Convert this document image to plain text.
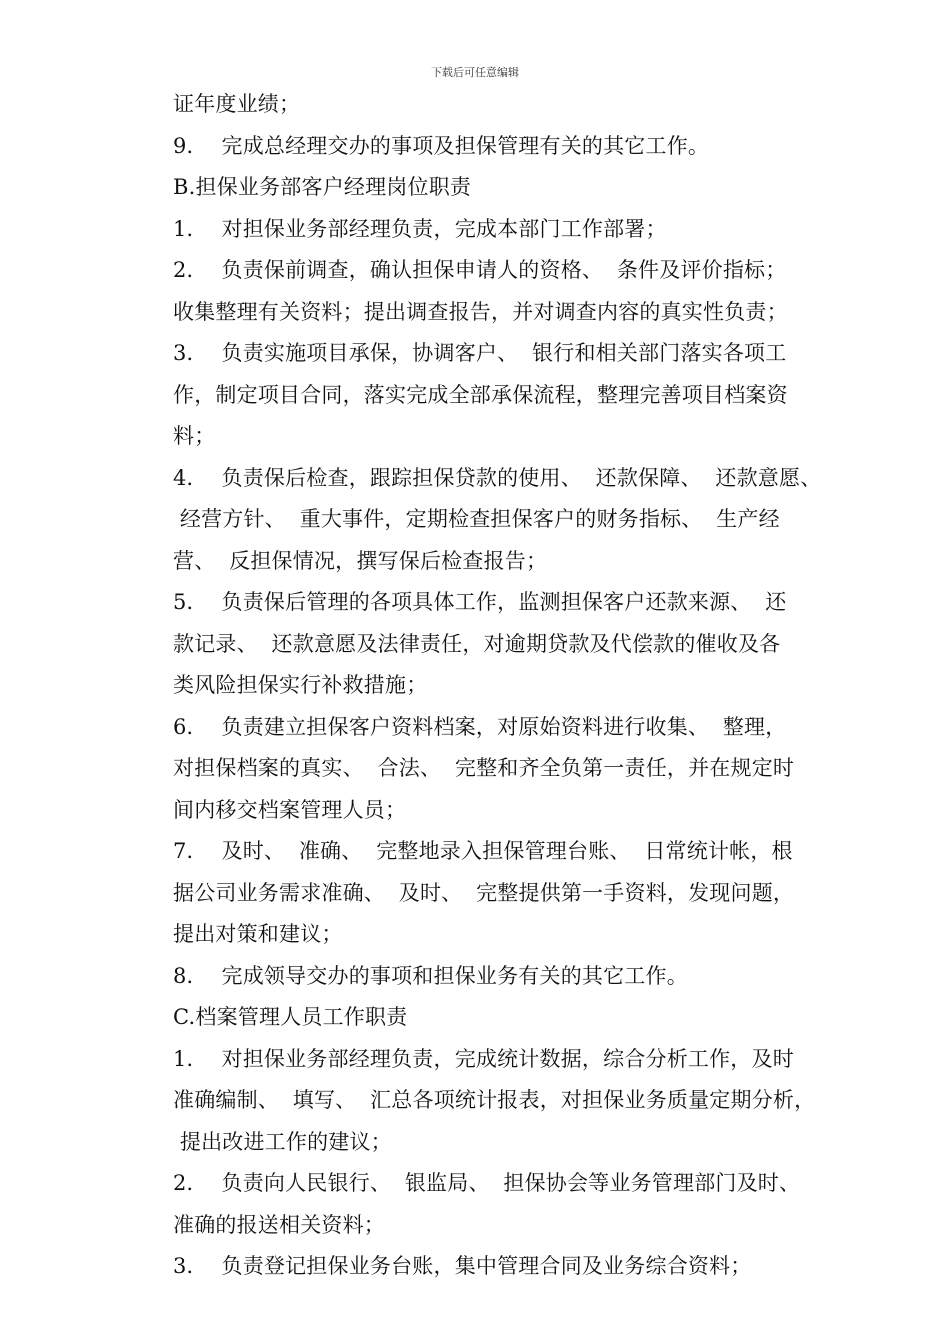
下载后可任意编辑
证年度业绩；
9．  完成总经理交办的事项及担保管理有关的其它工作。
B.担保业务部客户经理岗位职责
1．  对担保业务部经理负责，完成本部门工作部署；
2．  负责保前调查，确认担保申请人的资格、  条件及评价指标；
收集整理有关资料；提出调查报告，并对调查内容的真实性负责；
3．  负责实施项目承保，协调客户、  银行和相关部门落实各项工
作，制定项目合同，落实完成全部承保流程，整理完善项目档案资
料；
4．  负责保后检查，跟踪担保贷款的使用、  还款保障、  还款意愿、
经营方针、  重大事件，定期检查担保客户的财务指标、  生产经
营、  反担保情况，撰写保后检查报告；
5．  负责保后管理的各项具体工作，监测担保客户还款来源、  还
款记录、  还款意愿及法律责任，对逾期贷款及代偿款的催收及各
类风险担保实行补救措施；
6．  负责建立担保客户资料档案，对原始资料进行收集、  整理，
对担保档案的真实、  合法、  完整和齐全负第一责任，并在规定时
间内移交档案管理人员；
7．  及时、  准确、  完整地录入担保管理台账、  日常统计帐，根
据公司业务需求准确、  及时、  完整提供第一手资料，发现问题，
提出对策和建议；
8．  完成领导交办的事项和担保业务有关的其它工作。
C.档案管理人员工作职责
1．  对担保业务部经理负责，完成统计数据，综合分析工作，及时
准确编制、  填写、  汇总各项统计报表，对担保业务质量定期分析，
提出改进工作的建议；
2．  负责向人民银行、  银监局、  担保协会等业务管理部门及时、
准确的报送相关资料；
3．  负责登记担保业务台账，集中管理合同及业务综合资料；
